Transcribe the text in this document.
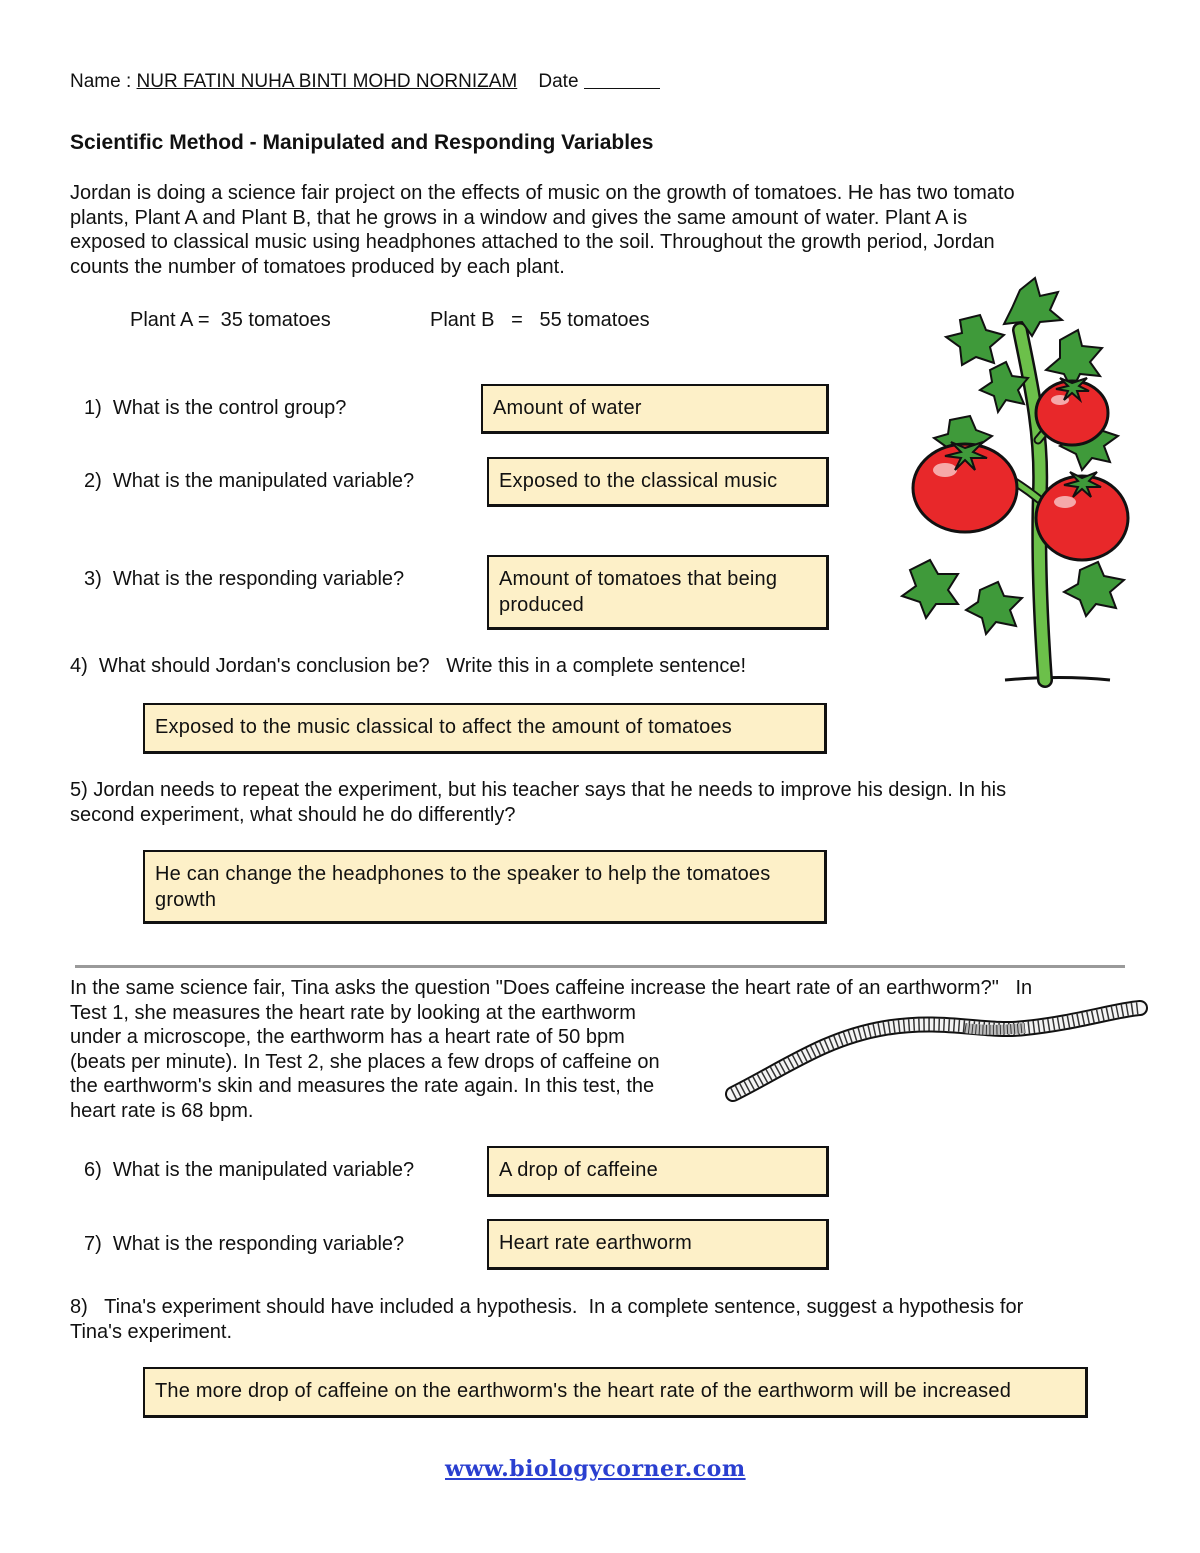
Name : NUR FATIN NUHA BINTI MOHD NORNIZAM Date
Scientific Method - Manipulated and Responding Variables
Jordan is doing a science fair project on the effects of music on the growth of tomatoes. He has two tomato
plants, Plant A and Plant B, that he grows in a window and gives the same amount of water. Plant A is
exposed to classical music using headphones attached to the soil. Throughout the growth period, Jordan
counts the number of tomatoes produced by each plant.
Plant A =  35 tomatoes	Plant B   =   55 tomatoes
1)  What is the control group?	Amount of water
2)  What is the manipulated variable?	Exposed to the classical music
3)  What is the responding variable?	Amount of tomatoes that being produced
4)  What should Jordan's conclusion be?   Write this in a complete sentence!
Exposed to the music classical to affect the amount of tomatoes
5) Jordan needs to repeat the experiment, but his teacher says that he needs to improve his design. In his
second experiment, what should he do differently?
He can change the headphones to the speaker to help the tomatoes growth
In the same science fair, Tina asks the question "Does caffeine increase the heart rate of an earthworm?"   In
Test 1, she measures the heart rate by looking at the earthworm
under a microscope, the earthworm has a heart rate of 50 bpm
(beats per minute). In Test 2, she places a few drops of caffeine on
the earthworm's skin and measures the rate again. In this test, the
heart rate is 68 bpm.
6)  What is the manipulated variable?	A drop of caffeine
7)  What is the responding variable?	Heart rate earthworm
8)   Tina's experiment should have included a hypothesis.  In a complete sentence, suggest a hypothesis for
Tina's experiment.
The more drop of caffeine on the earthworm's the heart rate of the earthworm will be increased
www.biologycorner.com
